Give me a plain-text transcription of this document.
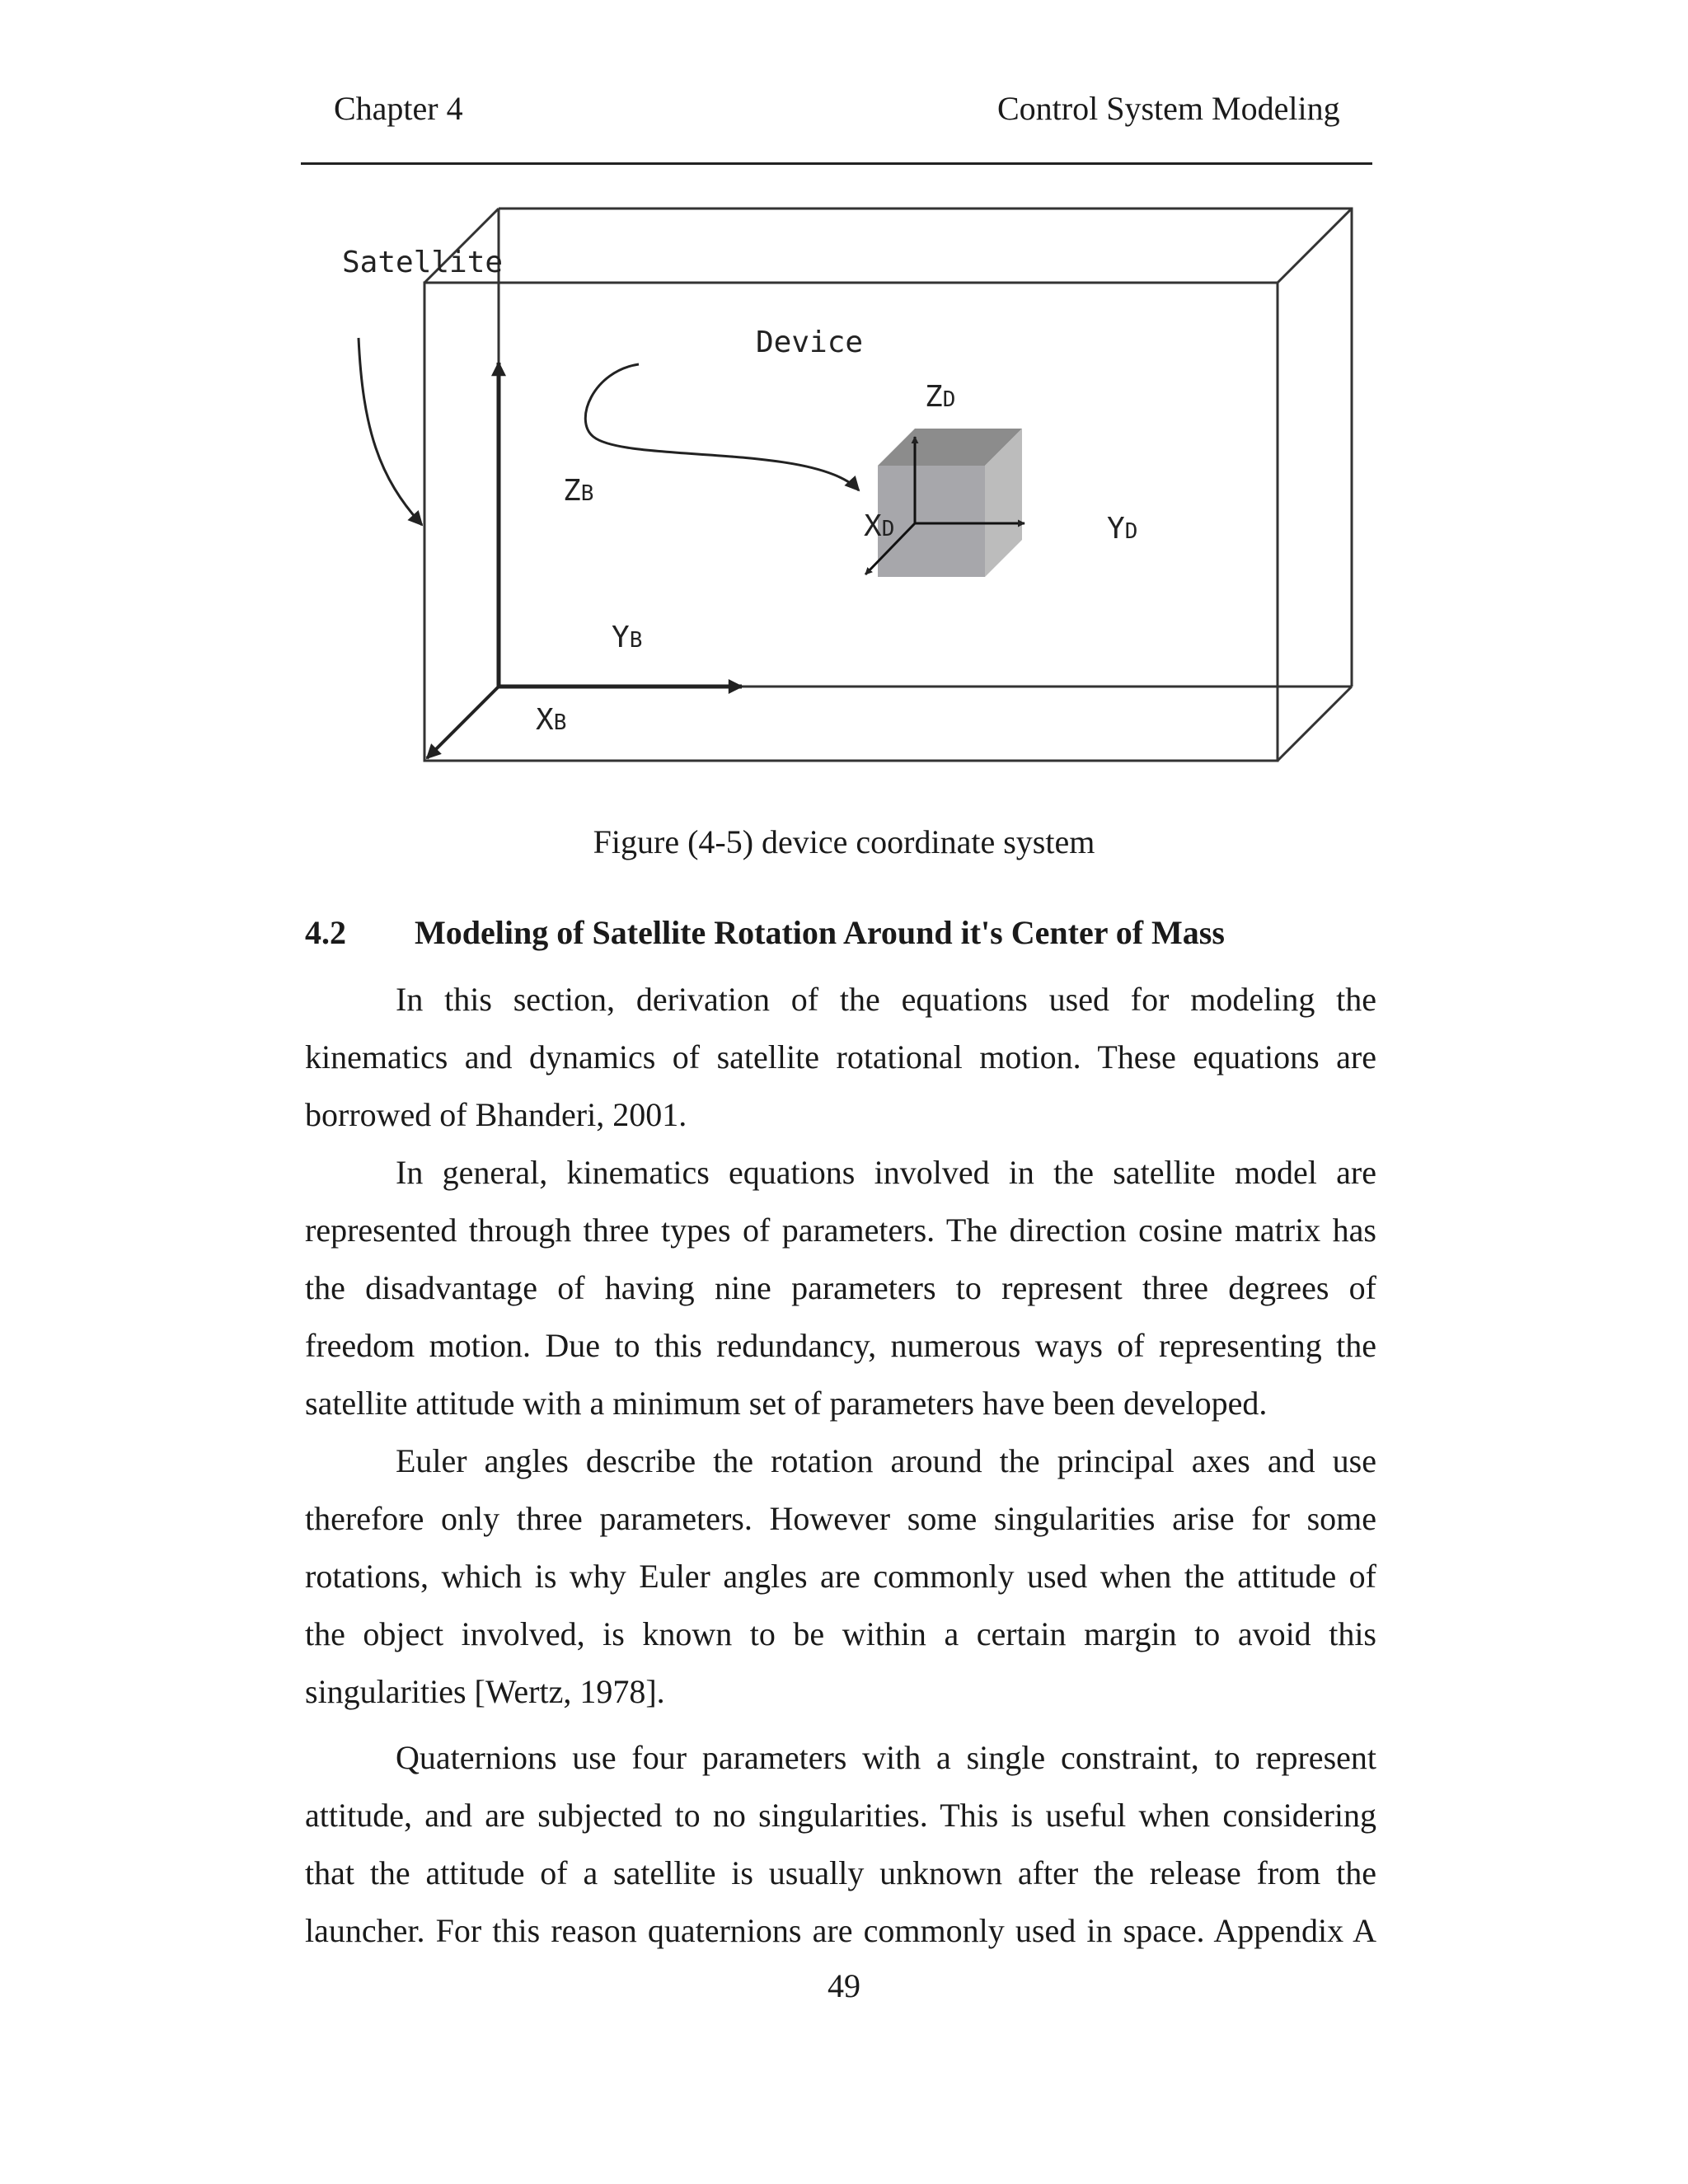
Chapter 4	Control System Modeling
Satellite
Device
ZB
YB
XB
ZD
YD
XD
Figure (4-5) device coordinate system
4.2 Modeling of Satellite Rotation Around it's Center of Mass
In this section, derivation of the equations used for modeling the
kinematics and dynamics of satellite rotational motion. These equations are
borrowed of Bhanderi, 2001.
In general, kinematics equations involved in the satellite model are
represented through three types of parameters. The direction cosine matrix has
the disadvantage of having nine parameters to represent three degrees of
freedom motion. Due to this redundancy, numerous ways of representing the
satellite attitude with a minimum set of parameters have been developed.
Euler angles describe the rotation around the principal axes and use
therefore only three parameters. However some singularities arise for some
rotations, which is why Euler angles are commonly used when the attitude of
the object involved, is known to be within a certain margin to avoid this
singularities [Wertz, 1978].
Quaternions use four parameters with a single constraint, to represent
attitude, and are subjected to no singularities. This is useful when considering
that the attitude of a satellite is usually unknown after the release from the
launcher. For this reason quaternions are commonly used in space. Appendix A
49
